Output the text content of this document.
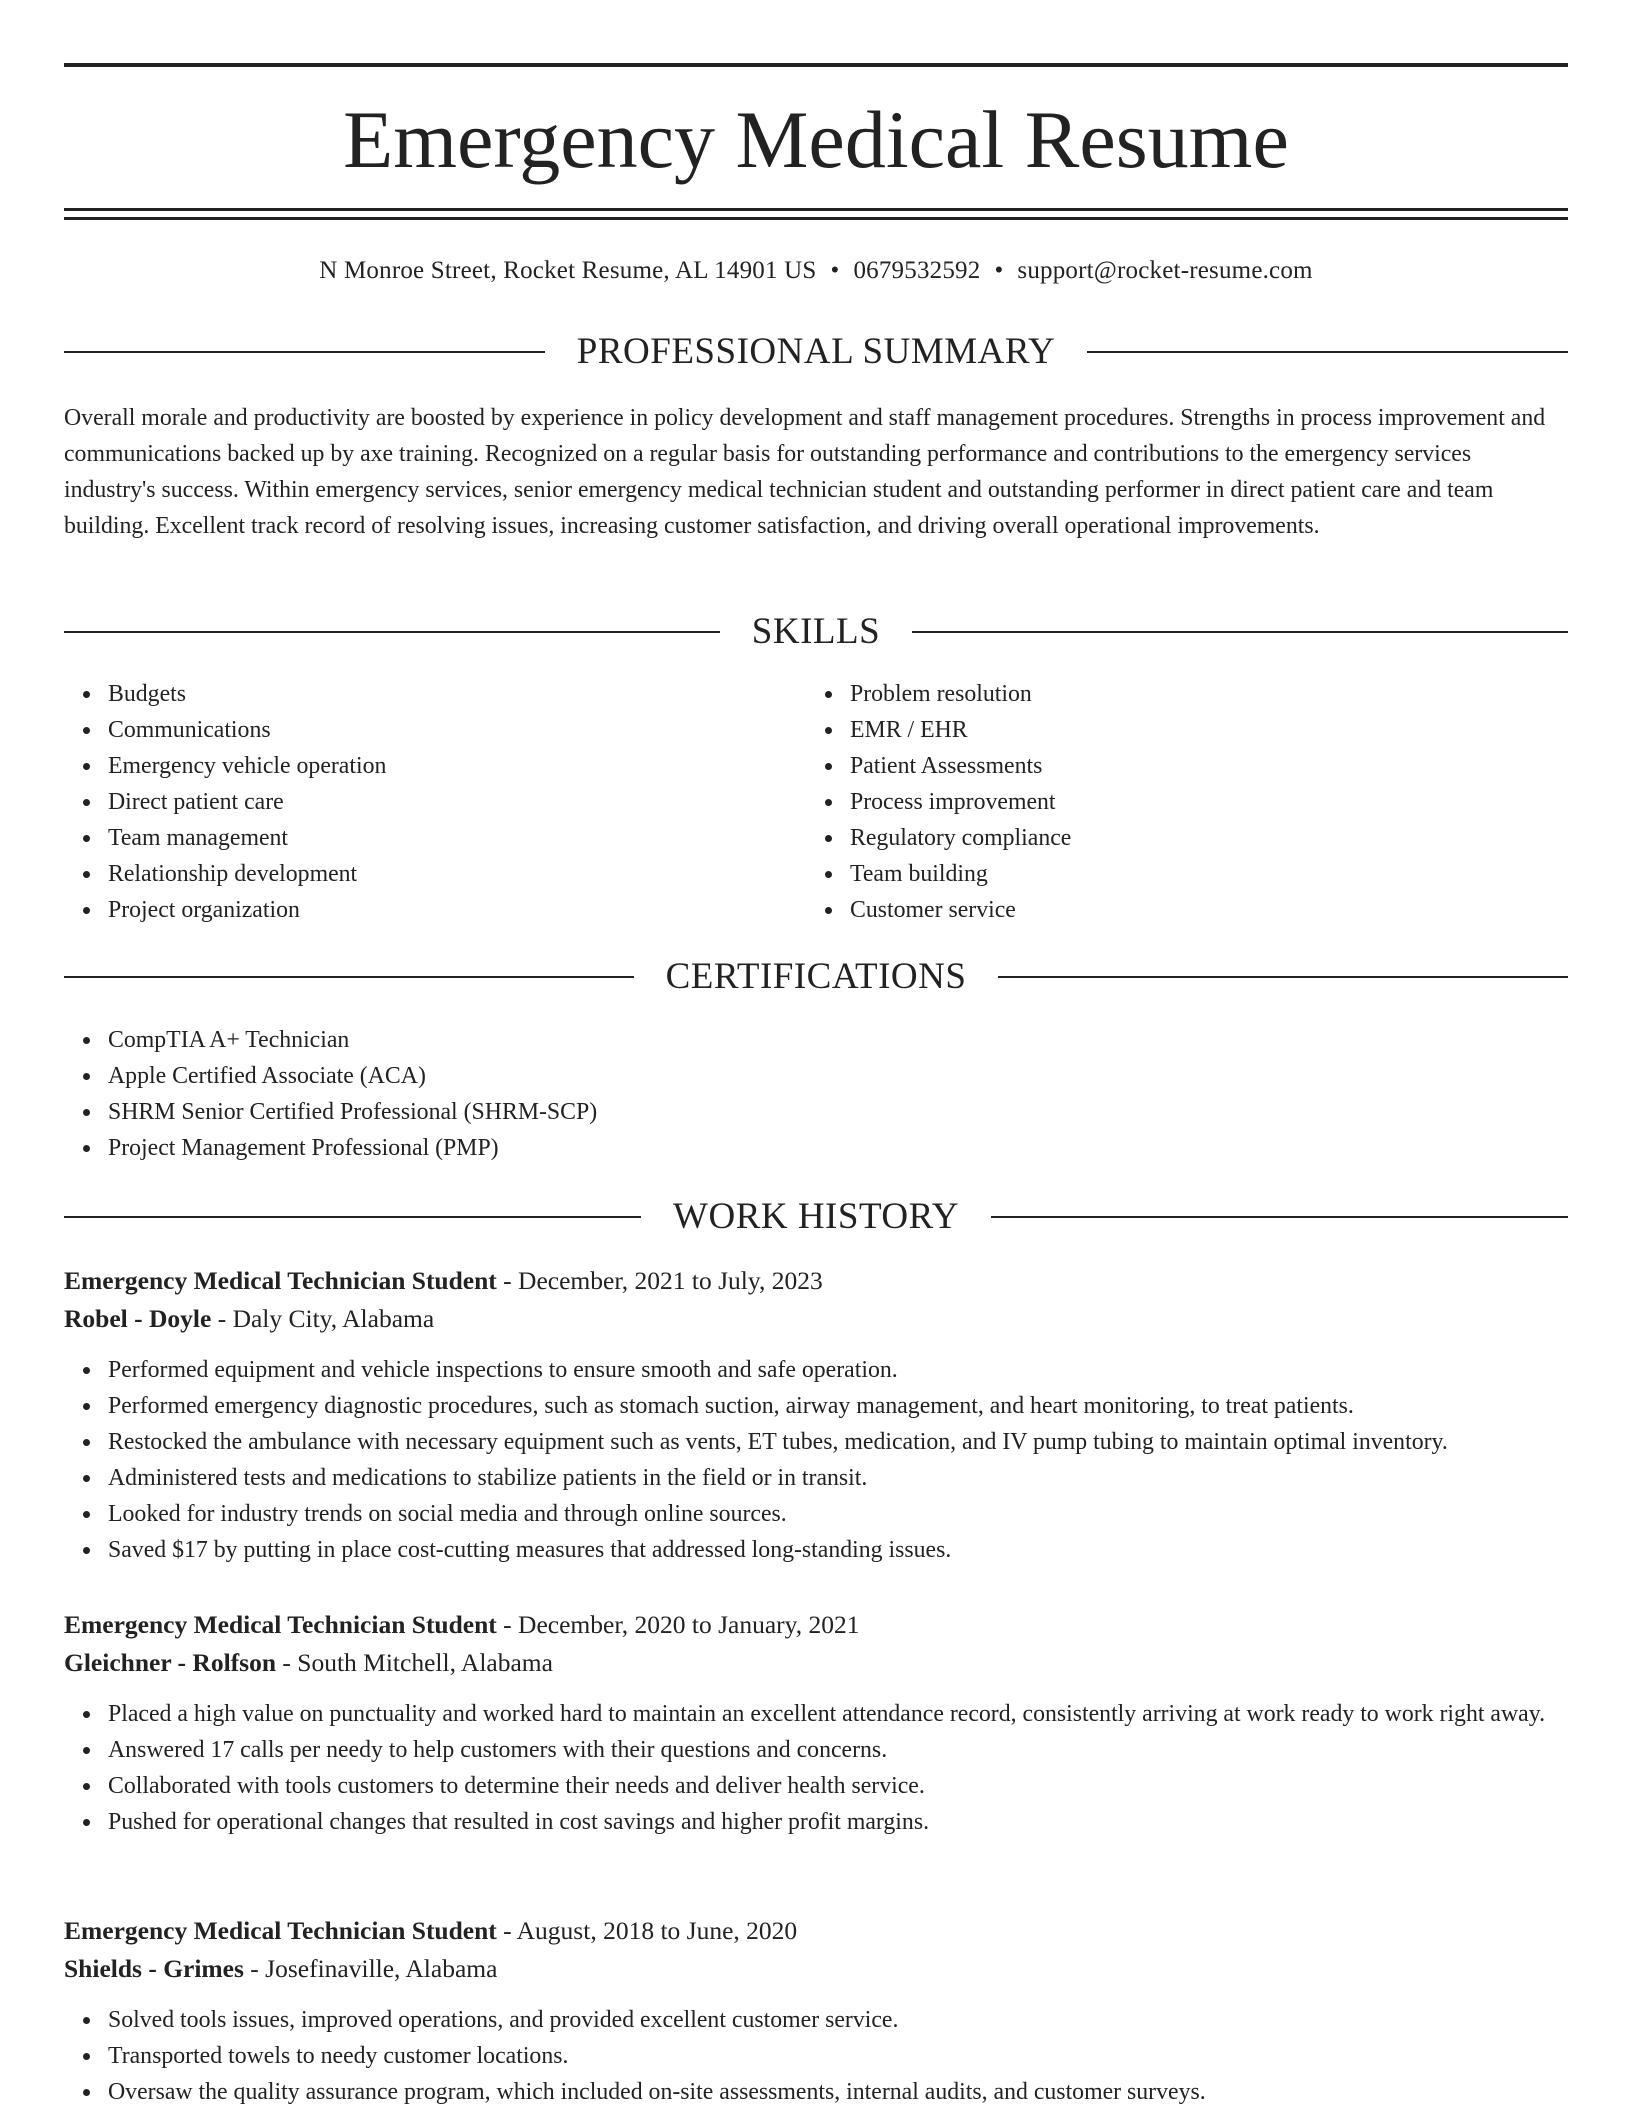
Emergency Medical Resume
N Monroe Street, Rocket Resume, AL 14901 US • 0679532592 • support@rocket-resume.com
PROFESSIONAL SUMMARY

Overall morale and productivity are boosted by experience in policy development and staff management procedures. Strengths in process improvement and communications backed up by axe training. Recognized on a regular basis for outstanding performance and contributions to the emergency services industry's success. Within emergency services, senior emergency medical technician student and outstanding performer in direct patient care and team building. Excellent track record of resolving issues, increasing customer satisfaction, and driving overall operational improvements.

SKILLS
Budgets
Communications
Emergency vehicle operation
Direct patient care
Team management
Relationship development
Project organization
Problem resolution
EMR / EHR
Patient Assessments
Process improvement
Regulatory compliance
Team building
Customer service
CERTIFICATIONS
CompTIA A+ Technician
Apple Certified Associate (ACA)
SHRM Senior Certified Professional (SHRM-SCP)
Project Management Professional (PMP)
WORK HISTORY
Emergency Medical Technician Student - December, 2021 to July, 2023
Robel - Doyle - Daly City, Alabama
Performed equipment and vehicle inspections to ensure smooth and safe operation.
Performed emergency diagnostic procedures, such as stomach suction, airway management, and heart monitoring, to treat patients.
Restocked the ambulance with necessary equipment such as vents, ET tubes, medication, and IV pump tubing to maintain optimal inventory.
Administered tests and medications to stabilize patients in the field or in transit.
Looked for industry trends on social media and through online sources.
Saved $17 by putting in place cost-cutting measures that addressed long-standing issues.
Emergency Medical Technician Student - December, 2020 to January, 2021
Gleichner - Rolfson - South Mitchell, Alabama
Placed a high value on punctuality and worked hard to maintain an excellent attendance record, consistently arriving at work ready to work right away.
Answered 17 calls per needy to help customers with their questions and concerns.
Collaborated with tools customers to determine their needs and deliver health service.
Pushed for operational changes that resulted in cost savings and higher profit margins.
Emergency Medical Technician Student - August, 2018 to June, 2020
Shields - Grimes - Josefinaville, Alabama
Solved tools issues, improved operations, and provided excellent customer service.
Transported towels to needy customer locations.
Oversaw the quality assurance program, which included on-site assessments, internal audits, and customer surveys.
